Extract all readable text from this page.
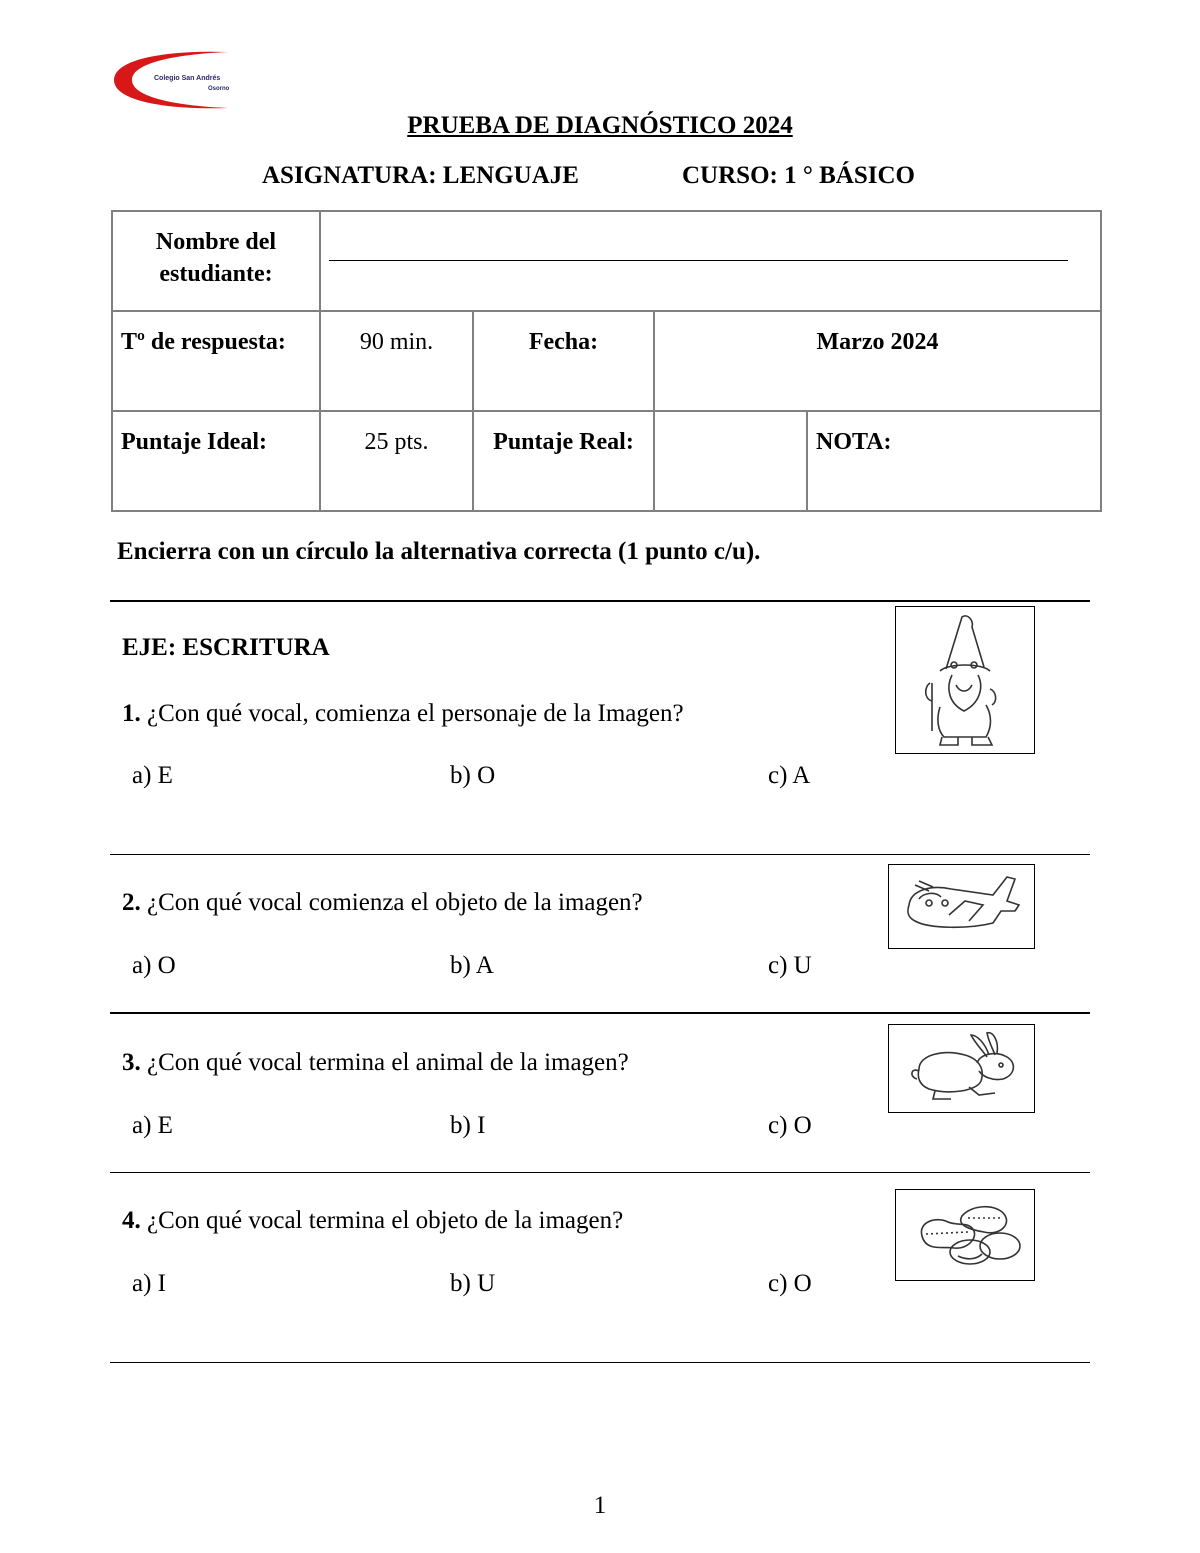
Colegio San Andrés
Osorno
PRUEBA DE DIAGNÓSTICO 2024
ASIGNATURA: LENGUAJE	CURSO: 1 ° BÁSICO
Nombre del estudiante:				

Tº de respuesta:	90 min.	Fecha:	Marzo 2024	
Puntaje Ideal:	25 pts.	Puntaje Real:		NOTA:
Encierra con un círculo la alternativa correcta (1 punto c/u).
EJE: ESCRITURA
1. ¿Con qué vocal, comienza el personaje de la Imagen?
a) E	b) O	c) A
2. ¿Con qué vocal comienza el objeto de la imagen?
a) O	b) A	c) U
3. ¿Con qué vocal termina el animal de la imagen?
a) E	b) I	c) O
4. ¿Con qué vocal termina el objeto de la imagen?
a) I	b) U	c) O
1
